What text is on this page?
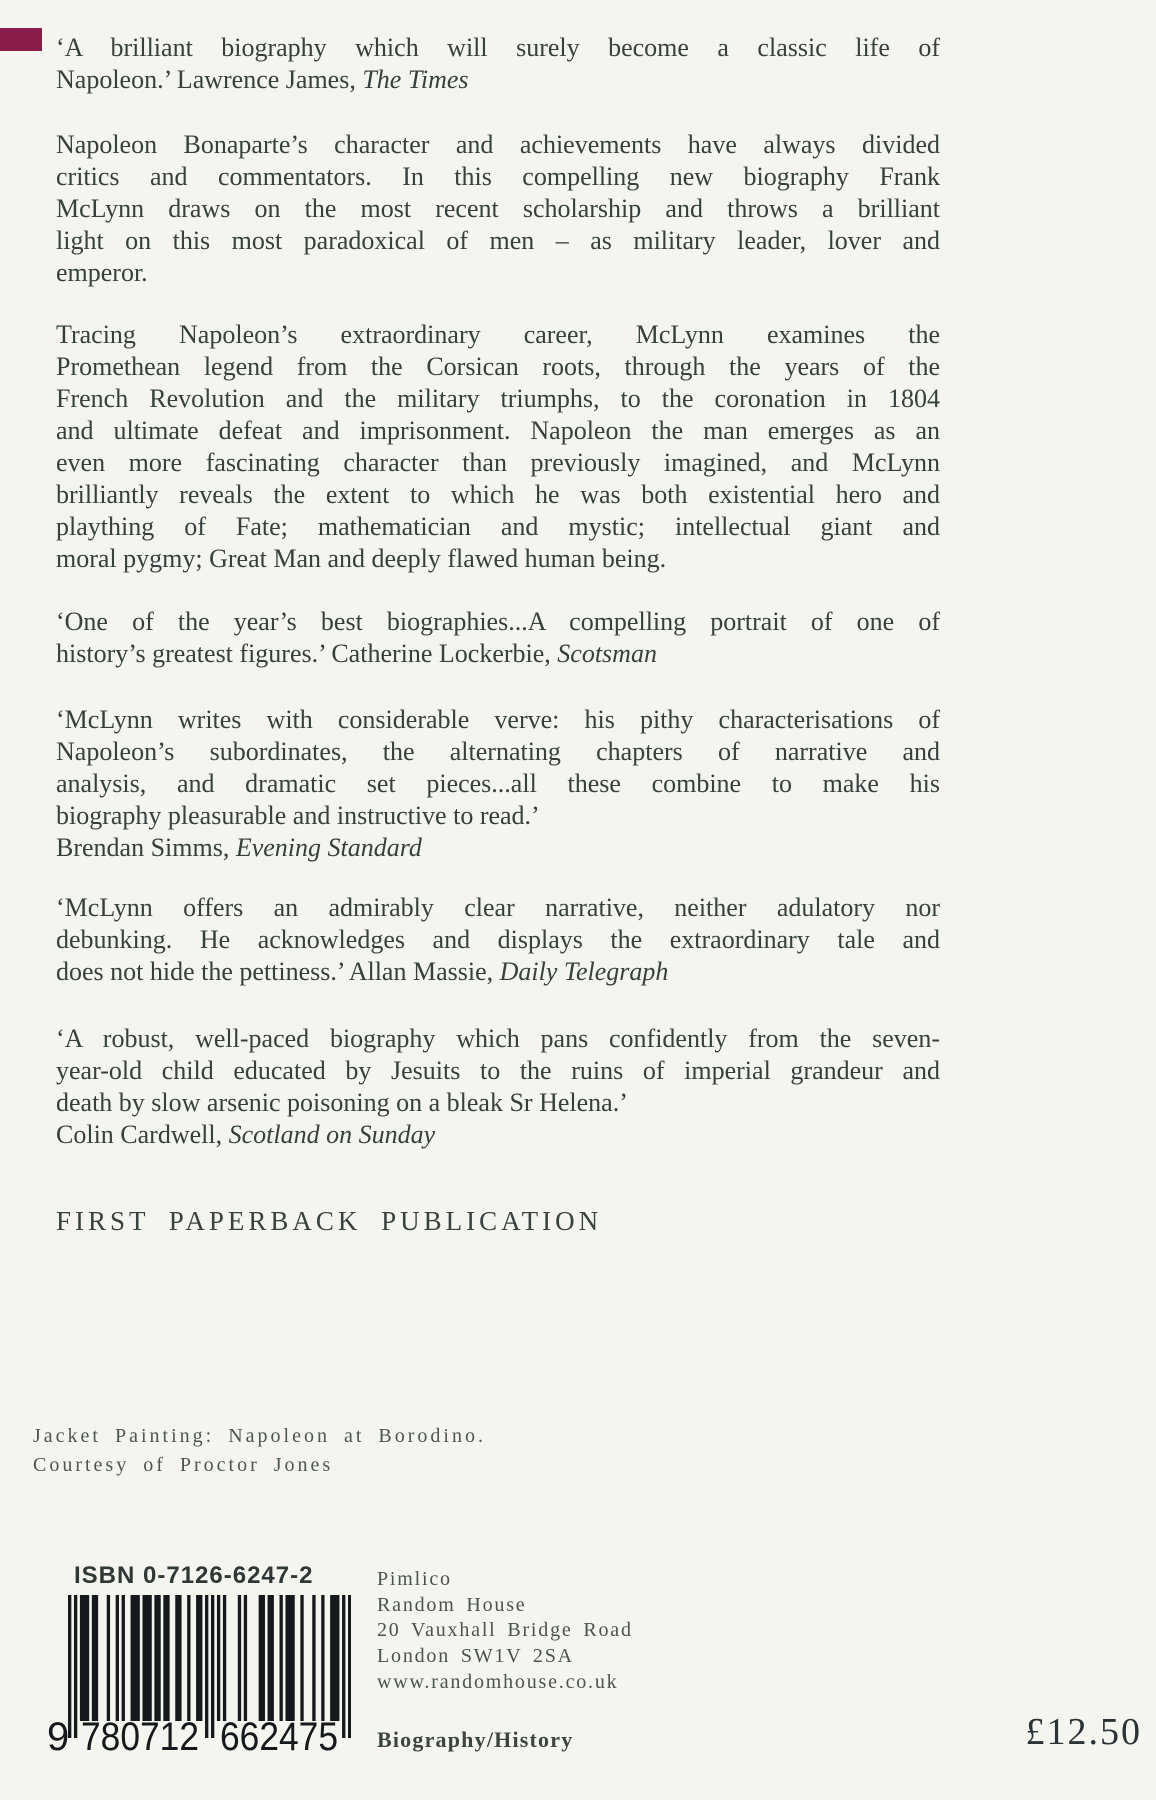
‘A brilliant biography which will surely become a classic life of
Napoleon.’ Lawrence James, The Times
Napoleon Bonaparte’s character and achievements have always divided
critics and commentators. In this compelling new biography Frank
McLynn draws on the most recent scholarship and throws a brilliant
light on this most paradoxical of men – as military leader, lover and
emperor.
Tracing Napoleon’s extraordinary career, McLynn examines the
Promethean legend from the Corsican roots, through the years of the
French Revolution and the military triumphs, to the coronation in 1804
and ultimate defeat and imprisonment. Napoleon the man emerges as an
even more fascinating character than previously imagined, and McLynn
brilliantly reveals the extent to which he was both existential hero and
plaything of Fate; mathematician and mystic; intellectual giant and
moral pygmy; Great Man and deeply flawed human being.
‘One of the year’s best biographies...A compelling portrait of one of
history’s greatest figures.’ Catherine Lockerbie, Scotsman
‘McLynn writes with considerable verve: his pithy characterisations of
Napoleon’s subordinates, the alternating chapters of narrative and
analysis, and dramatic set pieces...all these combine to make his
biography pleasurable and instructive to read.’
Brendan Simms, Evening Standard
‘McLynn offers an admirably clear narrative, neither adulatory nor
debunking. He acknowledges and displays the extraordinary tale and
does not hide the pettiness.’ Allan Massie, Daily Telegraph
‘A robust, well-paced biography which pans confidently from the seven-
year-old child educated by Jesuits to the ruins of imperial grandeur and
death by slow arsenic poisoning on a bleak Sr Helena.’
Colin Cardwell, Scotland on Sunday
FIRST PAPERBACK PUBLICATION
Jacket Painting: Napoleon at Borodino.
Courtesy of Proctor Jones
ISBN 0-7126-6247-2
9 780712 662475
Pimlico
Random House
20 Vauxhall Bridge Road
London SW1V 2SA
www.randomhouse.co.uk
Biography/History	£12.50
